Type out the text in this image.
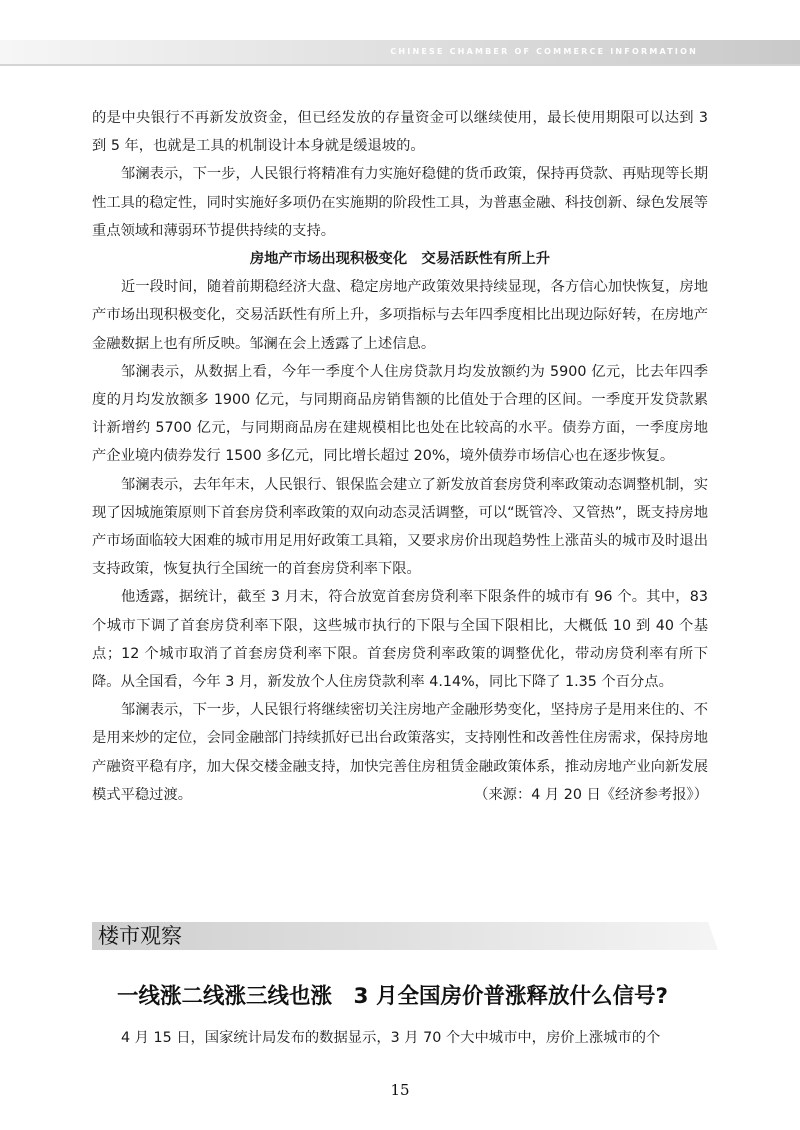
CHINESE CHAMBER OF COMMERCE INFORMATION

的是中央银行不再新发放资金，但已经发放的存量资金可以继续使用，最长使用期限可以达到 3 到 5 年，也就是工具的机制设计本身就是缓退坡的。

邹澜表示，下一步，人民银行将精准有力实施好稳健的货币政策，保持再贷款、再贴现等长期性工具的稳定性，同时实施好多项仍在实施期的阶段性工具，为普惠金融、科技创新、绿色发展等重点领域和薄弱环节提供持续的支持。

房地产市场出现积极变化　交易活跃性有所上升

近一段时间，随着前期稳经济大盘、稳定房地产政策效果持续显现，各方信心加快恢复，房地产市场出现积极变化，交易活跃性有所上升，多项指标与去年四季度相比出现边际好转，在房地产金融数据上也有所反映。邹澜在会上透露了上述信息。

邹澜表示，从数据上看，今年一季度个人住房贷款月均发放额约为 5900 亿元，比去年四季度的月均发放额多 1900 亿元，与同期商品房销售额的比值处于合理的区间。一季度开发贷款累计新增约 5700 亿元，与同期商品房在建规模相比也处在比较高的水平。债券方面，一季度房地产企业境内债券发行 1500 多亿元，同比增长超过 20%，境外债券市场信心也在逐步恢复。

邹澜表示，去年年末，人民银行、银保监会建立了新发放首套房贷利率政策动态调整机制，实现了因城施策原则下首套房贷利率政策的双向动态灵活调整，可以“既管冷、又管热”，既支持房地产市场面临较大困难的城市用足用好政策工具箱，又要求房价出现趋势性上涨苗头的城市及时退出支持政策，恢复执行全国统一的首套房贷利率下限。

他透露，据统计，截至 3 月末，符合放宽首套房贷利率下限条件的城市有 96 个。其中，83 个城市下调了首套房贷利率下限，这些城市执行的下限与全国下限相比，大概低 10 到 40 个基点；12 个城市取消了首套房贷利率下限。首套房贷利率政策的调整优化，带动房贷利率有所下降。从全国看，今年 3 月，新发放个人住房贷款利率 4.14%，同比下降了 1.35 个百分点。

邹澜表示，下一步，人民银行将继续密切关注房地产金融形势变化，坚持房子是用来住的、不是用来炒的定位，会同金融部门持续抓好已出台政策落实，支持刚性和改善性住房需求，保持房地产融资平稳有序，加大保交楼金融支持，加快完善住房租赁金融政策体系，推动房地产业向新发展模式平稳过渡。	（来源：4 月 20 日《经济参考报》）

楼市观察
一线涨二线涨三线也涨　3 月全国房价普涨释放什么信号?
4 月 15 日，国家统计局发布的数据显示，3 月 70 个大中城市中，房价上涨城市的个
15
